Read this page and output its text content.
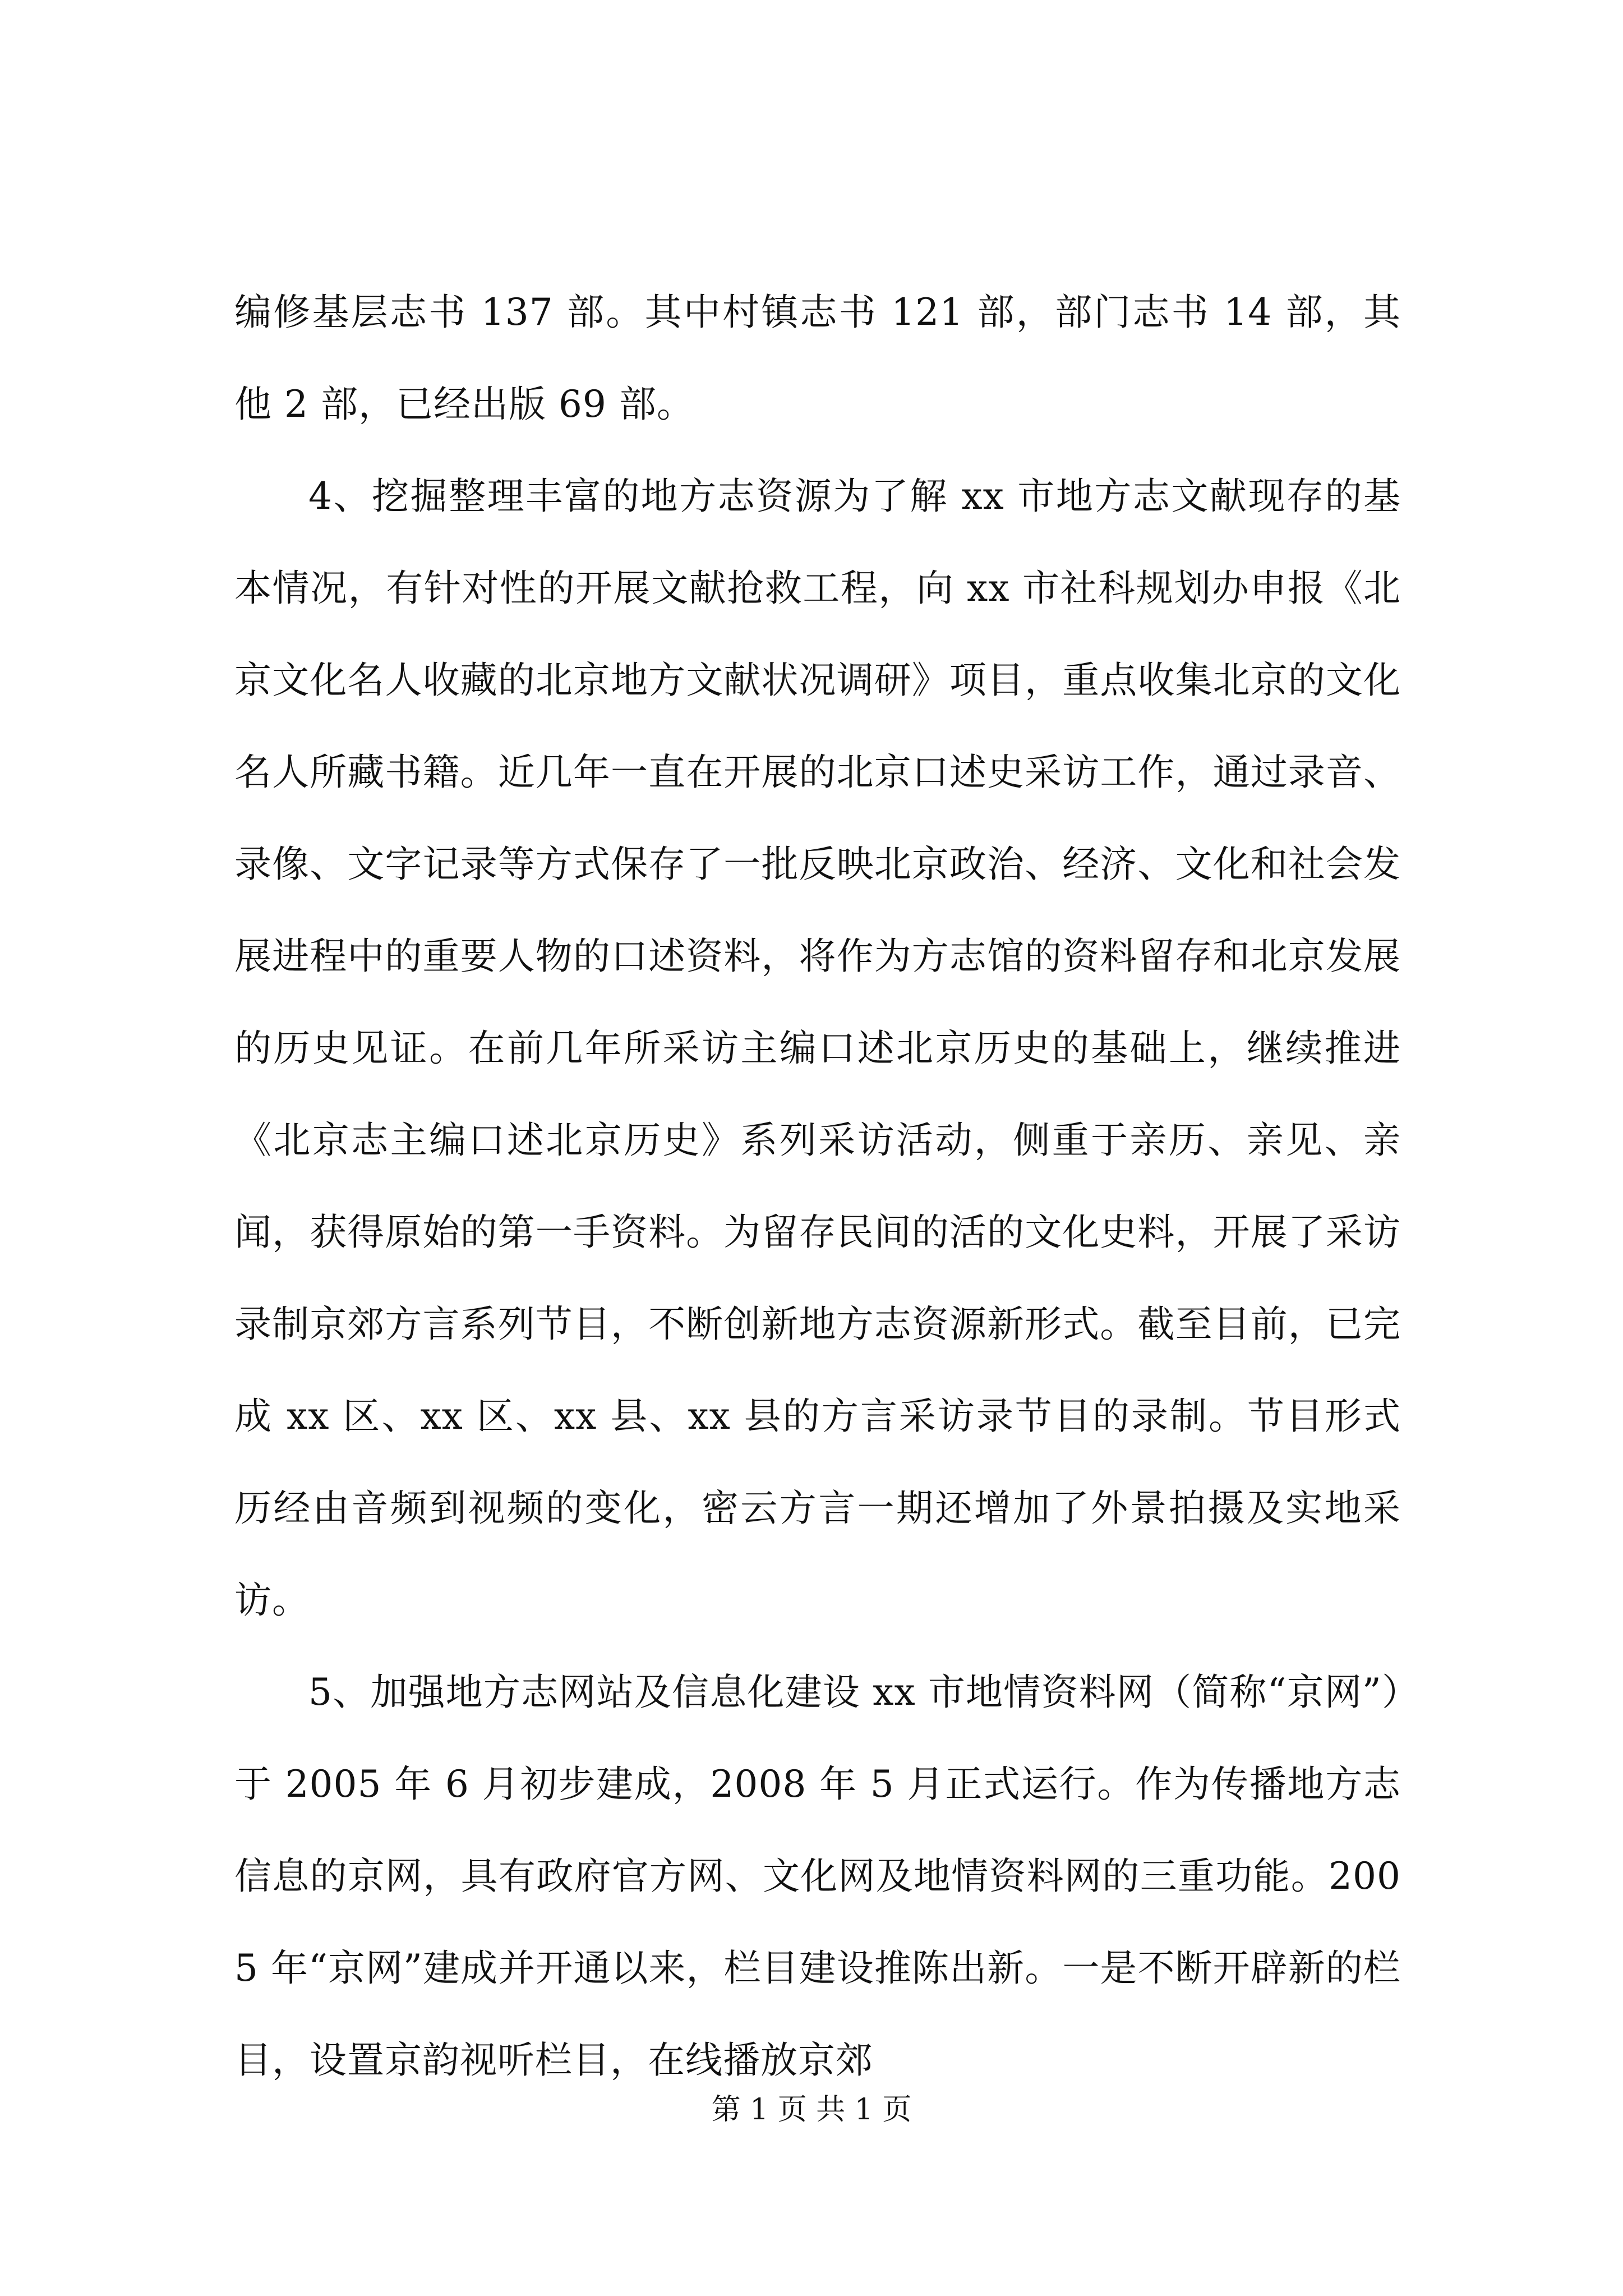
编修基层志书 137 部。其中村镇志书 121 部，部门志书 14 部，其他 2 部，已经出版 69 部。

4、挖掘整理丰富的地方志资源为了解 xx 市地方志文献现存的基本情况，有针对性的开展文献抢救工程，向 xx 市社科规划办申报《北京文化名人收藏的北京地方文献状况调研》项目，重点收集北京的文化名人所藏书籍。近几年一直在开展的北京口述史采访工作，通过录音、录像、文字记录等方式保存了一批反映北京政治、经济、文化和社会发展进程中的重要人物的口述资料，将作为方志馆的资料留存和北京发展的历史见证。在前几年所采访主编口述北京历史的基础上，继续推进《北京志主编口述北京历史》系列采访活动，侧重于亲历、亲见、亲闻，获得原始的第一手资料。为留存民间的活的文化史料，开展了采访录制京郊方言系列节目，不断创新地方志资源新形式。截至目前，已完成 xx 区、xx 区、xx 县、xx 县的方言采访录节目的录制。节目形式历经由音频到视频的变化，密云方言一期还增加了外景拍摄及实地采访。

5、加强地方志网站及信息化建设 xx 市地情资料网（简称“京网”）于 2005 年 6 月初步建成，2008 年 5 月正式运行。作为传播地方志信息的京网，具有政府官方网、文化网及地情资料网的三重功能。2005 年“京网”建成并开通以来，栏目建设推陈出新。一是不断开辟新的栏目，设置京韵视听栏目，在线播放京郊

第 1 页 共 1 页
